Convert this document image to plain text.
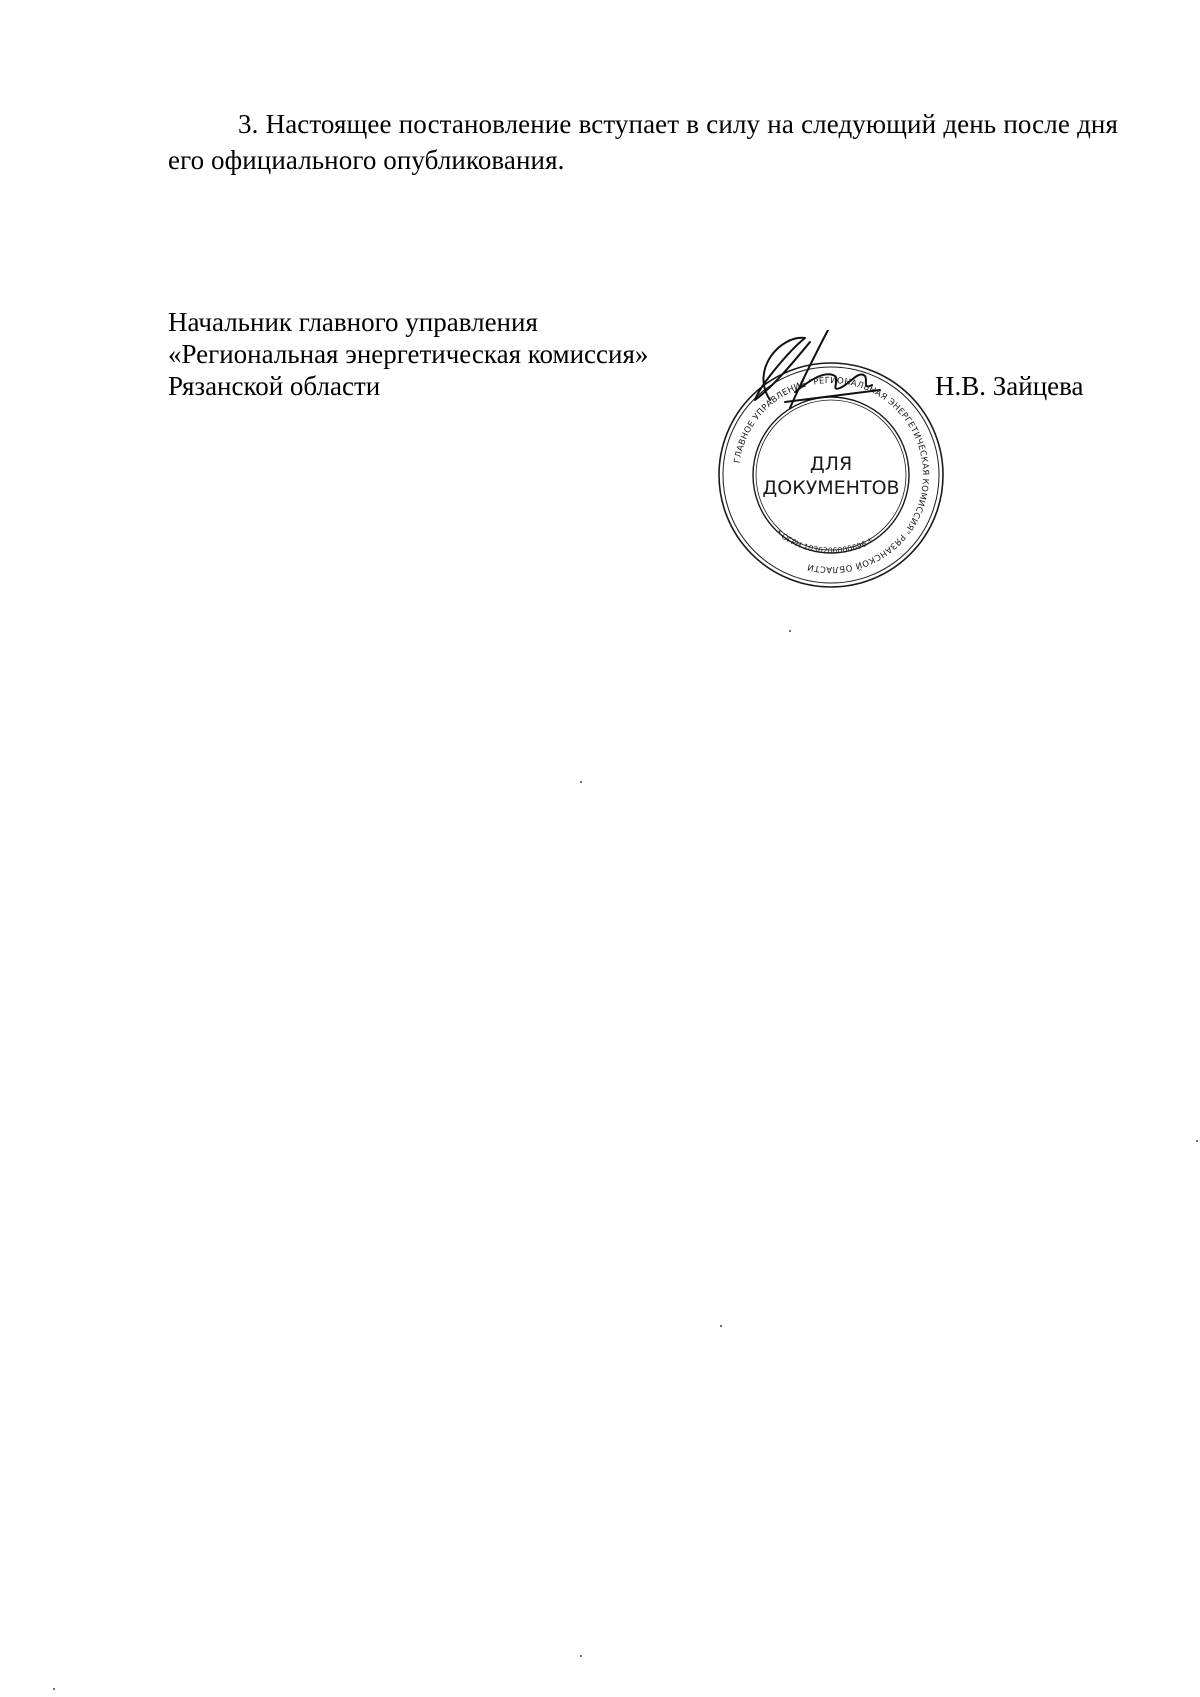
3. Настоящее постановление вступает в силу на следующий день после дня его официального опубликования.

Начальник главного управления
«Региональная энергетическая комиссия»
Рязанской области	Н.В. Зайцева
ГЛАВНОЕ УПРАВЛЕНИЕ "РЕГИОНАЛЬНАЯ ЭНЕРГЕТИЧЕСКАЯ КОМИССИЯ" РЯЗАНСКОЙ ОБЛАСТИ
* ОГРН 1036206000696 *
ДЛЯ
ДОКУМЕНТОВ
